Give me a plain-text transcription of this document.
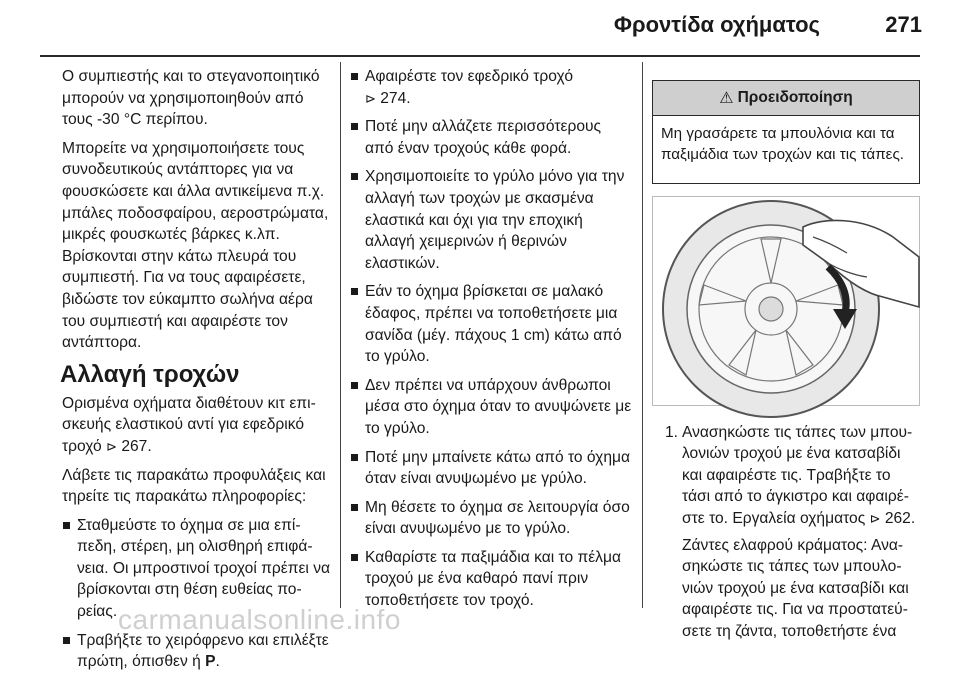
Φροντίδα οχήματος	271
Ο συμπιεστής και το στεγανοποιητικό μπορούν να χρησιμοποιηθούν από τους -30 °C περίπου.
Μπορείτε να χρησιμοποιήσετε τους συνοδευτικούς αντάπτορες για να φουσκώσετε και άλλα αντικείμενα π.χ. μπάλες ποδοσφαίρου, αεροστρώματα, μικρές φουσκωτές βάρκες κ.λπ. Βρίσκονται στην κάτω πλευρά του συμπιεστή. Για να τους αφαιρέσετε, βιδώστε τον εύκαμπτο σωλήνα αέρα του συμπιεστή και αφαιρέστε τον αντάπτορα.
Αλλαγή τροχών
Ορισμένα οχήματα διαθέτουν κιτ επισκευής ελαστικού αντί για εφεδρικό τροχό ⊳ 267.
Λάβετε τις παρακάτω προφυλάξεις και τηρείτε τις παρακάτω πληροφορίες:
Σταθμεύστε το όχημα σε μια επίπεδη, στέρεη, μη ολισθηρή επιφάνεια. Οι μπροστινοί τροχοί πρέπει να βρίσκονται στη θέση ευθείας πορείας.
Τραβήξτε το χειρόφρενο και επιλέξτε πρώτη, όπισθεν ή P.
Αφαιρέστε τον εφεδρικό τροχό
⊳ 274.
Ποτέ μην αλλάζετε περισσότερους από έναν τροχούς κάθε φορά.
Χρησιμοποιείτε το γρύλο μόνο για την αλλαγή των τροχών με σκασμένα ελαστικά και όχι για την εποχική αλλαγή χειμερινών ή θερινών ελαστικών.
Εάν το όχημα βρίσκεται σε μαλακό έδαφος, πρέπει να τοποθετήσετε μια σανίδα (μέγ. πάχους 1 cm) κάτω από το γρύλο.
Δεν πρέπει να υπάρχουν άνθρωποι μέσα στο όχημα όταν το ανυψώνετε με το γρύλο.
Ποτέ μην μπαίνετε κάτω από το όχημα όταν είναι ανυψωμένο με γρύλο.
Μη θέσετε το όχημα σε λειτουργία όσο είναι ανυψωμένο με το γρύλο.
Καθαρίστε τα παξιμάδια και το πέλμα τροχού με ένα καθαρό πανί πριν τοποθετήσετε τον τροχό.
⚠ Προειδοποίηση
Μη γρασάρετε τα μπουλόνια και τα παξιμάδια των τροχών και τις τάπες.
1. Ανασηκώστε τις τάπες των μπουλονιών τροχού με ένα κατσαβίδι και αφαιρέστε τις. Τραβήξτε το τάσι από το άγκιστρο και αφαιρέστε το. Εργαλεία οχήματος ⊳ 262.
Ζάντες ελαφρού κράματος: Ανασηκώστε τις τάπες των μπουλονιών τροχού με ένα κατσαβίδι και αφαιρέστε τις. Για να προστατεύσετε τη ζάντα, τοποθετήστε ένα
carmanualsonline.info
